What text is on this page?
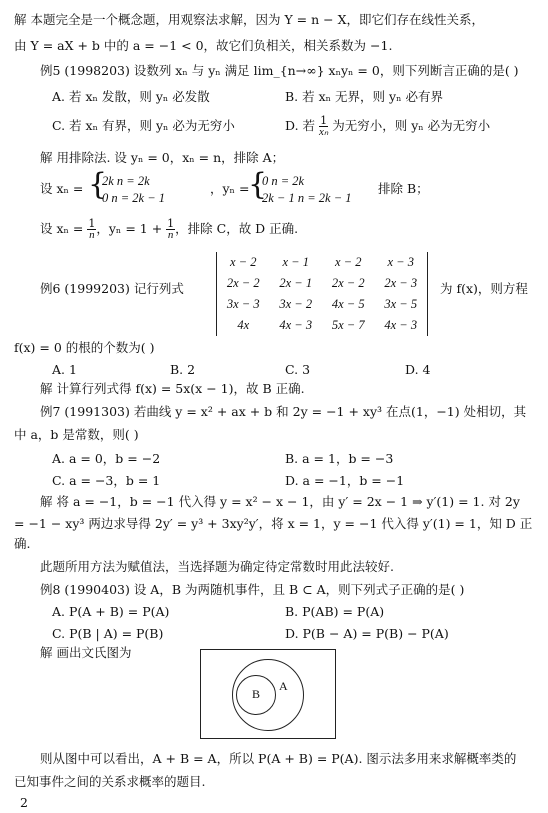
解 本题完全是一个概念题，用观察法求解，因为 Y = n − X，即它们存在线性关系，
由 Y = aX + b 中的 a = −1 < 0，故它们负相关，相关系数为 −1.
例5 (1998203) 设数列 xₙ 与 yₙ 满足 lim_{n→∞} xₙyₙ = 0，则下列断言正确的是( )
A. 若 xₙ 发散，则 yₙ 必发散	B. 若 xₙ 无界，则 yₙ 必有界
C. 若 xₙ 有界，则 yₙ 必为无穷小	D. 若 $\frac{1}{\text{xₙ}}$ 为无穷小，则 yₙ 必为无穷小
解 用排除法. 设 yₙ = 0，xₙ = n，排除 A；
设 xₙ = {
2k n = 2k
0 n = 2k − 1
，yₙ =
{
0 n = 2k
2k − 1 n = 2k − 1
排除 B；
设 $x_n = \frac{1}{n}$ ，$y_n = 1 + \frac{1}{n}$ ，排除 C，故 D 正确.
例6 (1999203) 记行列式
x − 2	x − 1	x − 2	x − 3
2x − 2	2x − 1	2x − 2	2x − 3
3x − 3	3x − 2	4x − 5	3x − 5
4x	4x − 3	5x − 7	4x − 3
为 f(x)，则方程
f(x) = 0 的根的个数为( )
A. 1	B. 2	C. 3	D. 4
解 计算行列式得 f(x) = 5x(x − 1)，故 B 正确.
例7 (1991303) 若曲线 y = x² + ax + b 和 2y = −1 + xy³ 在点(1，−1) 处相切，其
中 a，b 是常数，则( )
A. a = 0，b = −2	B. a = 1，b = −3
C. a = −3，b = 1	D. a = −1，b = −1
解 将 a = −1，b = −1 代入得 y = x² − x − 1，由 y′ = 2x − 1 ⇒ y′(1) = 1. 对 2y
= −1 − xy³ 两边求导得 2y′ = y³ + 3xy²y′，将 x = 1，y = −1 代入得 y′(1) = 1，知 D 正
确.
此题所用方法为赋值法，当选择题为确定待定常数时用此法较好.
例8 (1990403) 设 A，B 为两随机事件，且 B ⊂ A，则下列式子正确的是( )
A. P(A + B) = P(A)	B. P(AB) = P(A)
C. P(B | A) = P(B)	D. P(B − A) = P(B) − P(A)
解 画出文氏图为
B
A
则从图中可以看出，A + B = A，所以 P(A + B) = P(A). 图示法多用来求解概率类的
已知事件之间的关系求概率的题目.
2
